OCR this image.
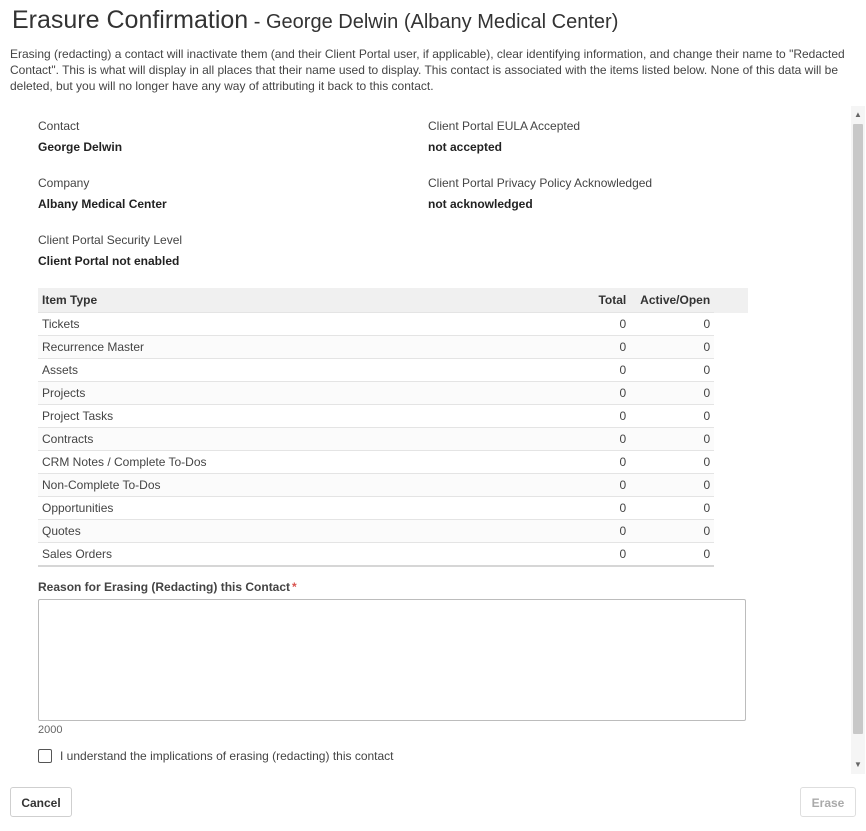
Erasure Confirmation - George Delwin (Albany Medical Center)
Erasing (redacting) a contact will inactivate them (and their Client Portal user, if applicable), clear identifying information, and change their name to "Redacted Contact". This is what will display in all places that their name used to display. This contact is associated with the items listed below. None of this data will be deleted, but you will no longer have any way of attributing it back to this contact.
Contact
George Delwin
Client Portal EULA Accepted
not accepted
Company
Albany Medical Center
Client Portal Privacy Policy Acknowledged
not acknowledged
Client Portal Security Level
Client Portal not enabled
Item Type	Total	Active/Open	
Tickets	0	0	
Recurrence Master	0	0	
Assets	0	0	
Projects	0	0	
Project Tasks	0	0	
Contracts	0	0	
CRM Notes / Complete To-Dos	0	0	
Non-Complete To-Dos	0	0	
Opportunities	0	0	
Quotes	0	0	
Sales Orders	0	0	
Reason for Erasing (Redacting) this Contact *
2000
I understand the implications of erasing (redacting) this contact
▲
▼
Cancel	Erase
